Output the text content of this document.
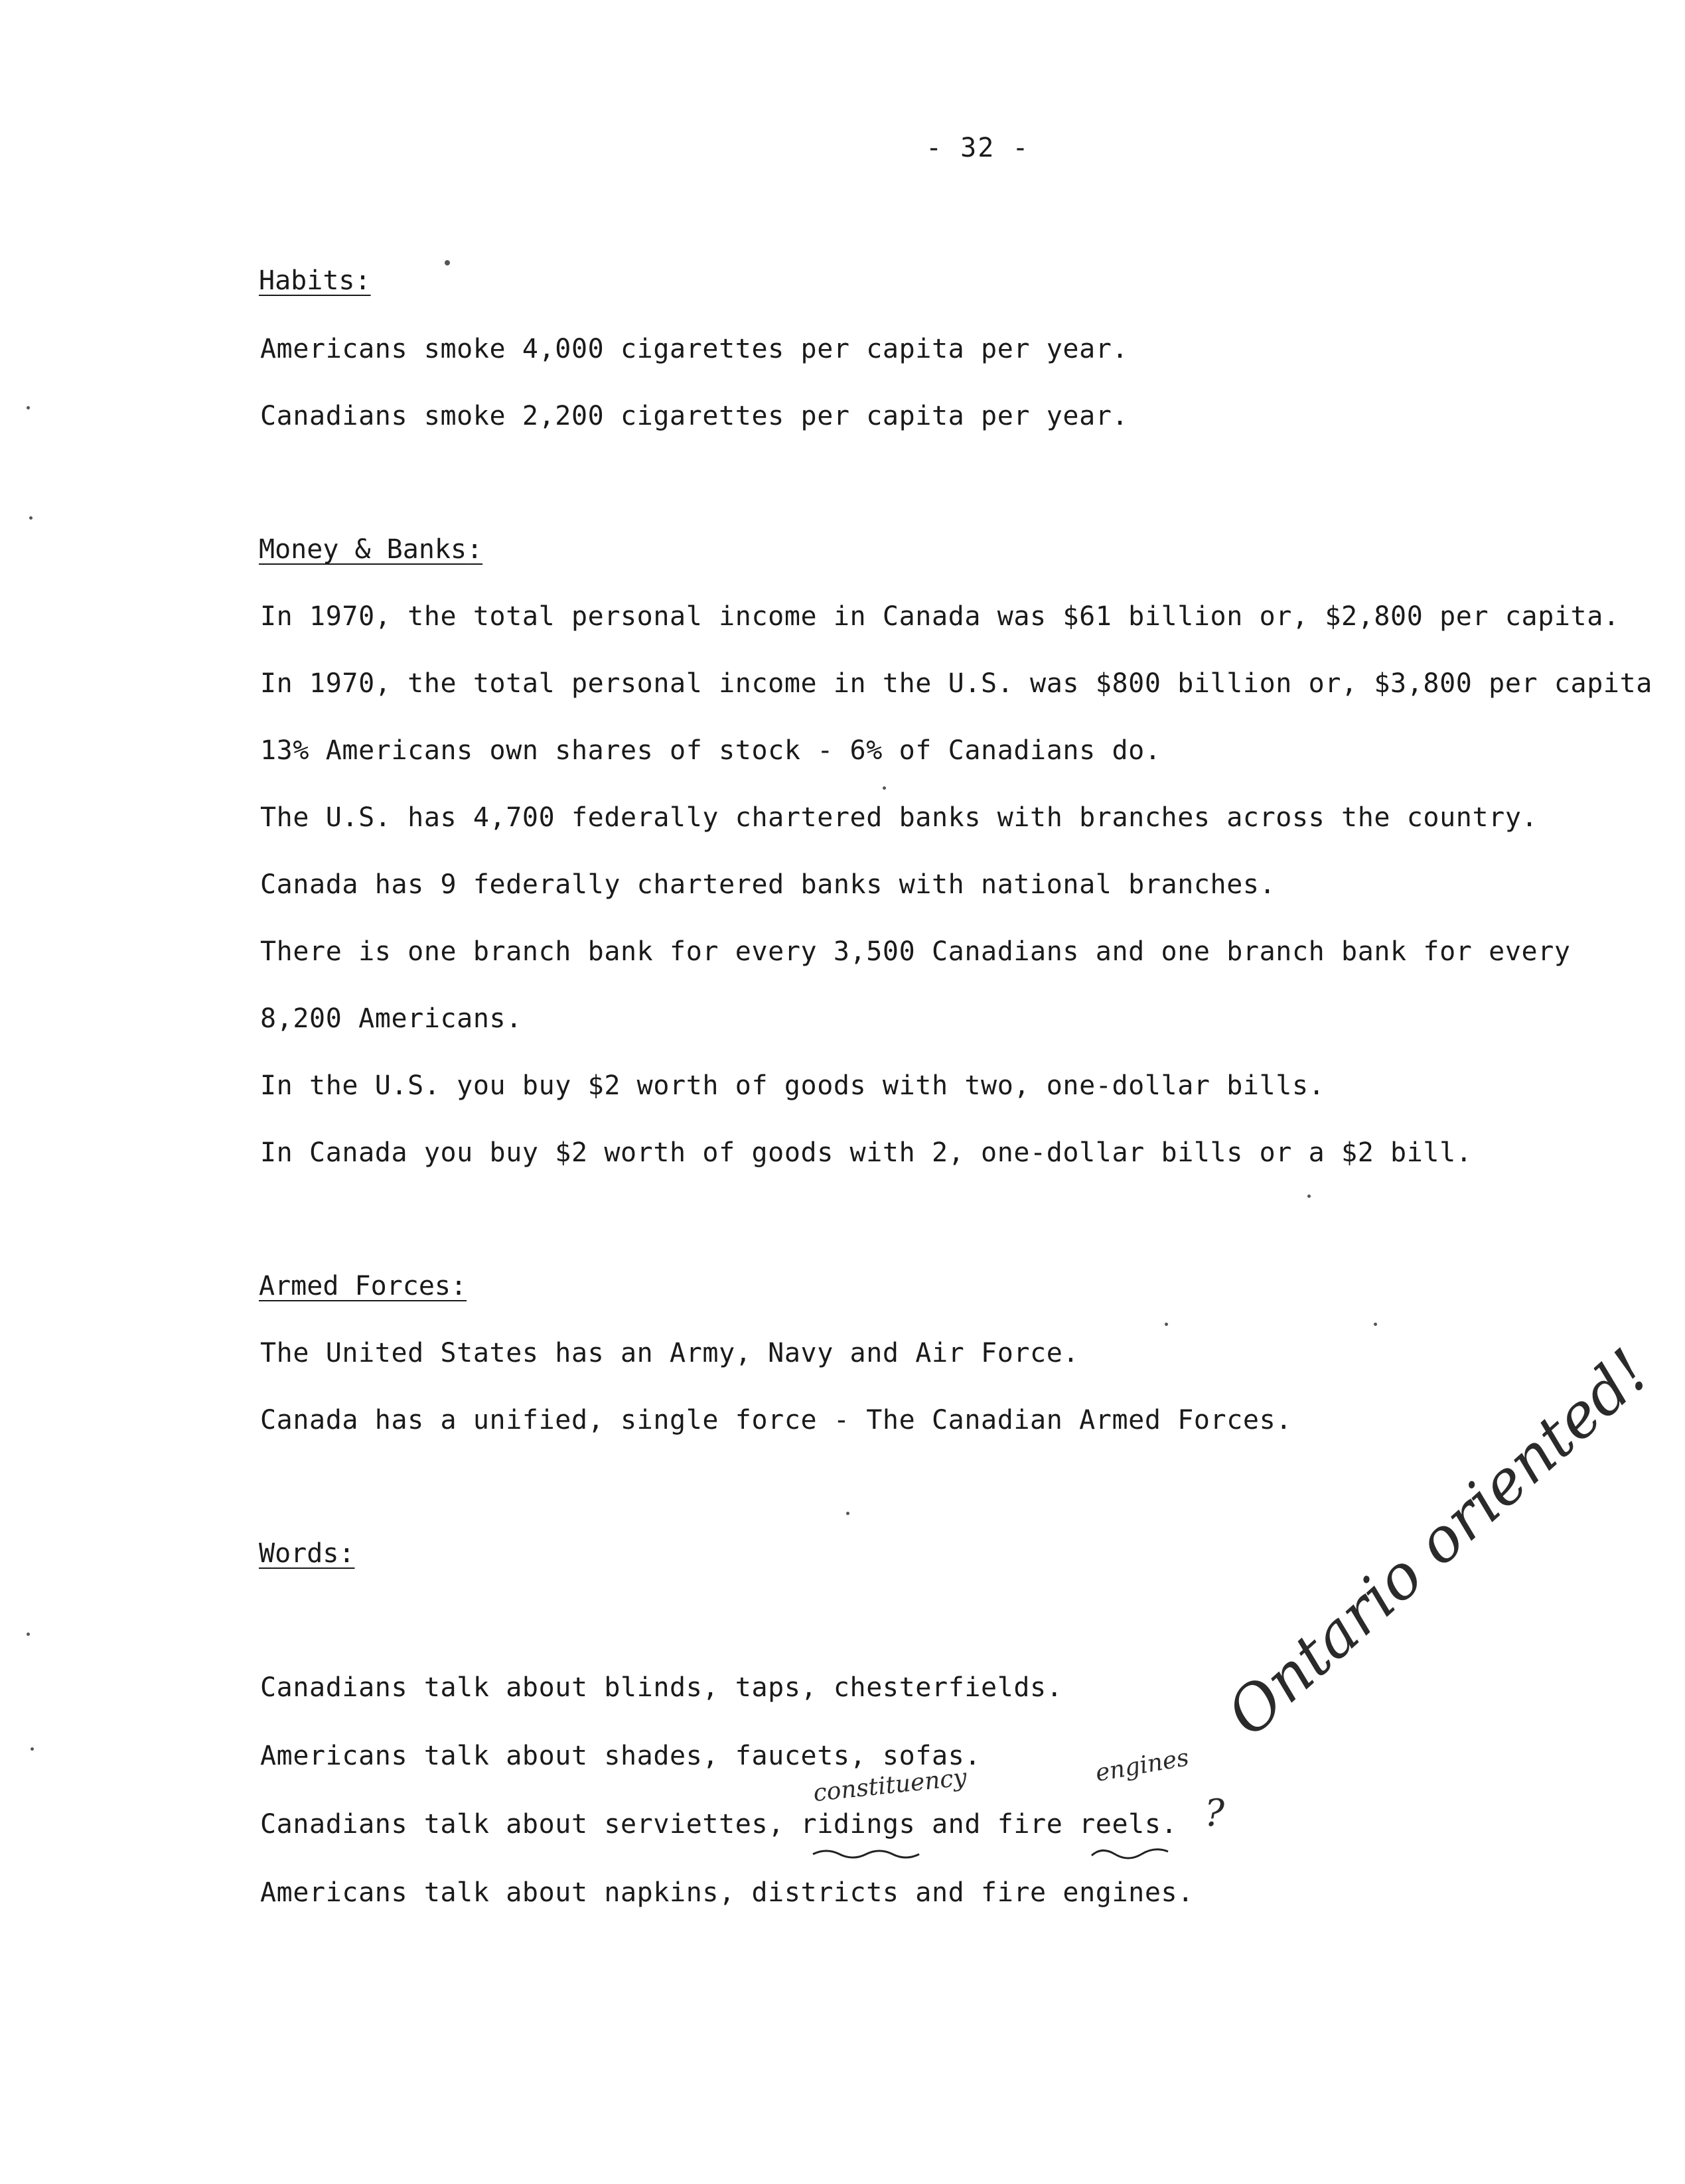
- 32 -
Habits:
Americans smoke 4,000 cigarettes per capita per year.
Canadians smoke 2,200 cigarettes per capita per year.
Money & Banks:
In 1970, the total personal income in Canada was $61 billion or, $2,800 per capita.
In 1970, the total personal income in the U.S. was $800 billion or, $3,800 per capita
13% Americans own shares of stock - 6% of Canadians do.
The U.S. has 4,700 federally chartered banks with branches across the country.
Canada has 9 federally chartered banks with national branches.
There is one branch bank for every 3,500 Canadians and one branch bank for every
8,200 Americans.
In the U.S. you buy $2 worth of goods with two, one-dollar bills.
In Canada you buy $2 worth of goods with 2, one-dollar bills or a $2 bill.
Armed Forces:
The United States has an Army, Navy and Air Force.
Canada has a unified, single force - The Canadian Armed Forces.
Words:
Canadians talk about blinds, taps, chesterfields.
Americans talk about shades, faucets, sofas.
Canadians talk about serviettes, ridings and fire reels.
Americans talk about napkins, districts and fire engines.
constituency	engines
?
Ontario oriented!
